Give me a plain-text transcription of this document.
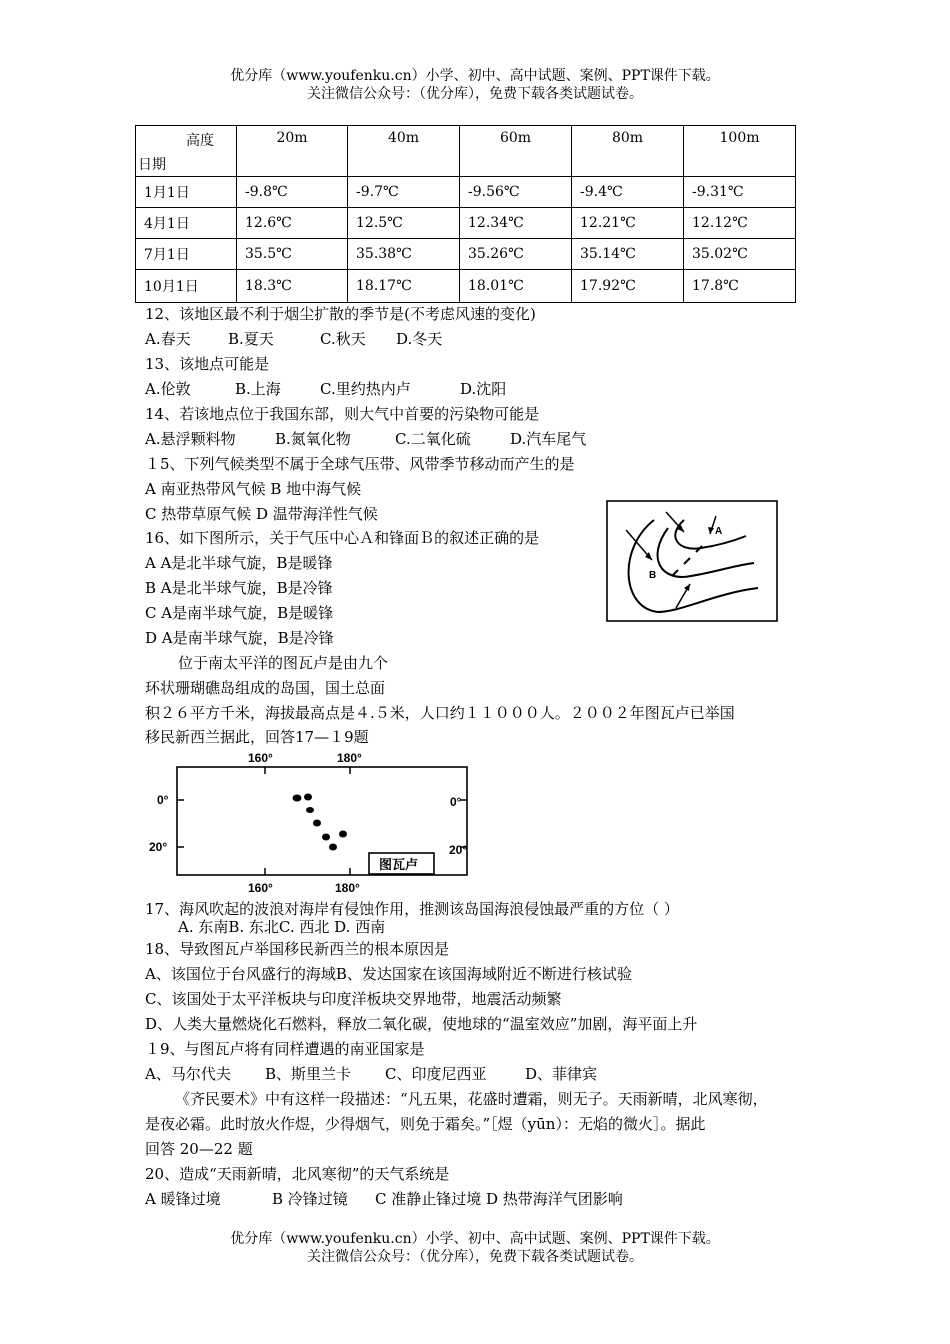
优分库（www.youfenku.cn）小学、初中、高中试题、案例、PPT课件下载。
关注微信公众号：（优分库），免费下载各类试题试卷。
高度
日期	20m	40m	60m	80m	100m

1月1日	-9.8℃	-9.7℃	-9.56℃	-9.4℃	-9.31℃
4月1日	12.6℃	12.5℃	12.34℃	12.21℃	12.12℃
7月1日	35.5℃	35.38℃	35.26℃	35.14℃	35.02℃
10月1日	18.3℃	18.17℃	18.01℃	17.92℃	17.8℃
12、该地区最不利于烟尘扩散的季节是(不考虑风速的变化)
A.春天 B.夏天	C.秋天 D.冬天
13、该地点可能是
A.伦敦	B.上海	C.里约热内卢	D.沈阳
14、若该地点位于我国东部，则大气中首要的污染物可能是
A.悬浮颗料物	B.氮氧化物	C.二氧化硫	D.汽车尾气
１5、下列气候类型不属于全球气压带、风带季节移动而产生的是
A 南亚热带风气候 B 地中海气候
C 热带草原气候 D 温带海洋性气候
16、如下图所示，关于气压中心Ａ和锋面Ｂ的叙述正确的是
A A是北半球气旋，B是暖锋
B A是北半球气旋，B是冷锋
C A是南半球气旋，B是暖锋
D A是南半球气旋，B是冷锋
A
B
位于南太平洋的图瓦卢是由九个
环状珊瑚礁岛组成的岛国，国土总面
积２６平方千米，海拔最高点是４.５米，人口约１１０００人。２００２年图瓦卢已举国
移民新西兰据此，回答17—１9题
160°	180°
160°	180°
0°
20°
0°
20°
图瓦卢
17、海风吹起的波浪对海岸有侵蚀作用，推测该岛国海浪侵蚀最严重的方位（ ）
A. 东南B. 东北C. 西北 D. 西南
18、导致图瓦卢举国移民新西兰的根本原因是
A、该国位于台风盛行的海域B、发达国家在该国海域附近不断进行核试验
C、该国处于太平洋板块与印度洋板块交界地带，地震活动频繁
D、人类大量燃烧化石燃料，释放二氧化碳，使地球的“温室效应”加剧，海平面上升
１9、与图瓦卢将有同样遭遇的南亚国家是
A、马尔代夫 B、斯里兰卡 C、印度尼西亚	D、菲律宾
《齐民要术》中有这样一段描述：“凡五果，花盛时遭霜，则无子。天雨新晴，北风寒彻，
是夜必霜。此时放火作煜，少得烟气，则免于霜矣。”［煜（yūn）：无焰的微火］。据此
回答 20—22 题
20、造成“天雨新晴，北风寒彻”的天气系统是
A 暖锋过境	B 冷锋过镜 C 准静止锋过境 D 热带海洋气团影响
优分库（www.youfenku.cn）小学、初中、高中试题、案例、PPT课件下载。
关注微信公众号：（优分库），免费下载各类试题试卷。
